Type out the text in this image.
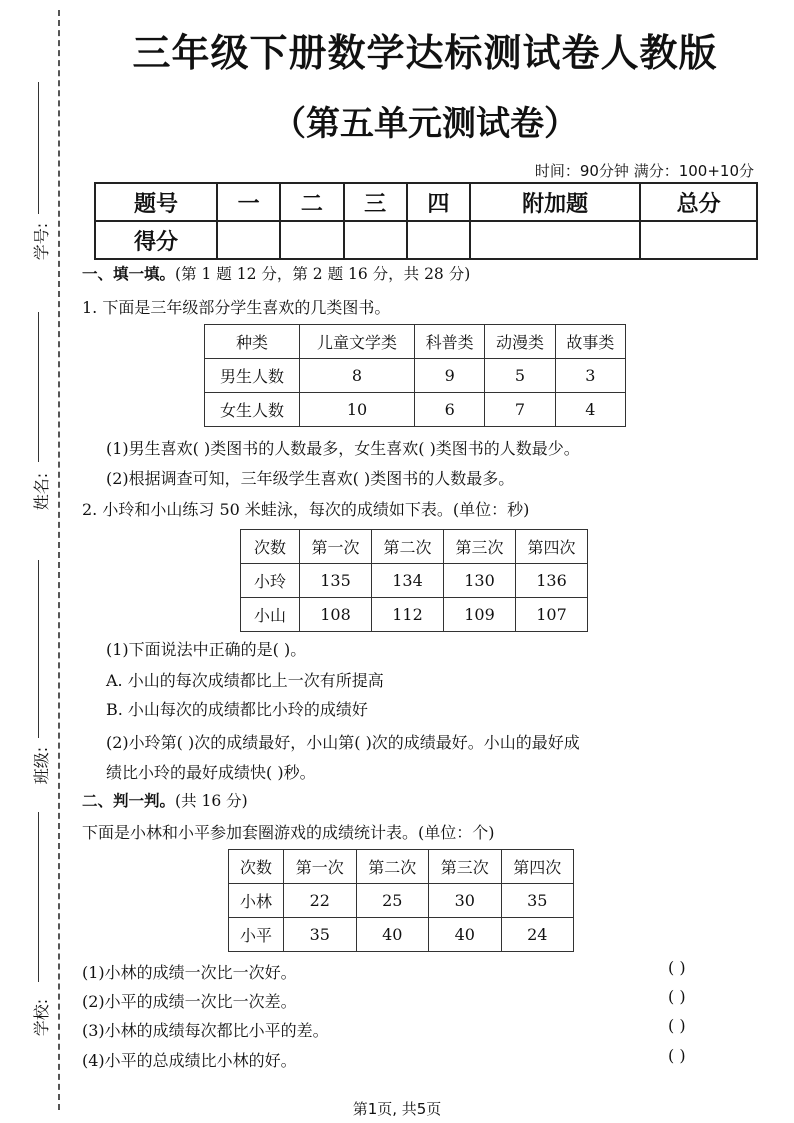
学号:
姓名:
班级:
学校:
三年级下册数学达标测试卷人教版
（第五单元测试卷）
时间：90分钟 满分：100+10分
题号	一	二	三	四	附加题	总分
得分						
一、填一填。(第 1 题 12 分，第 2 题 16 分，共 28 分)
1. 下面是三年级部分学生喜欢的几类图书。
种类	儿童文学类	科普类	动漫类	故事类
男生人数	8	9	5	3
女生人数	10	6	7	4
(1)男生喜欢( )类图书的人数最多，女生喜欢( )类图书的人数最少。
(2)根据调查可知，三年级学生喜欢( )类图书的人数最多。
2. 小玲和小山练习 50 米蛙泳，每次的成绩如下表。(单位：秒)
次数	第一次	第二次	第三次	第四次
小玲	135	134	130	136
小山	108	112	109	107
(1)下面说法中正确的是( )。
A. 小山的每次成绩都比上一次有所提高
B. 小山每次的成绩都比小玲的成绩好
(2)小玲第( )次的成绩最好，小山第( )次的成绩最好。小山的最好成
绩比小玲的最好成绩快( )秒。
二、判一判。(共 16 分)
下面是小林和小平参加套圈游戏的成绩统计表。(单位：个)
次数	第一次	第二次	第三次	第四次
小林	22	25	30	35
小平	35	40	40	24
(1)小林的成绩一次比一次好。	( )
(2)小平的成绩一次比一次差。	( )
(3)小林的成绩每次都比小平的差。	( )
(4)小平的总成绩比小林的好。	( )
第1页, 共5页
